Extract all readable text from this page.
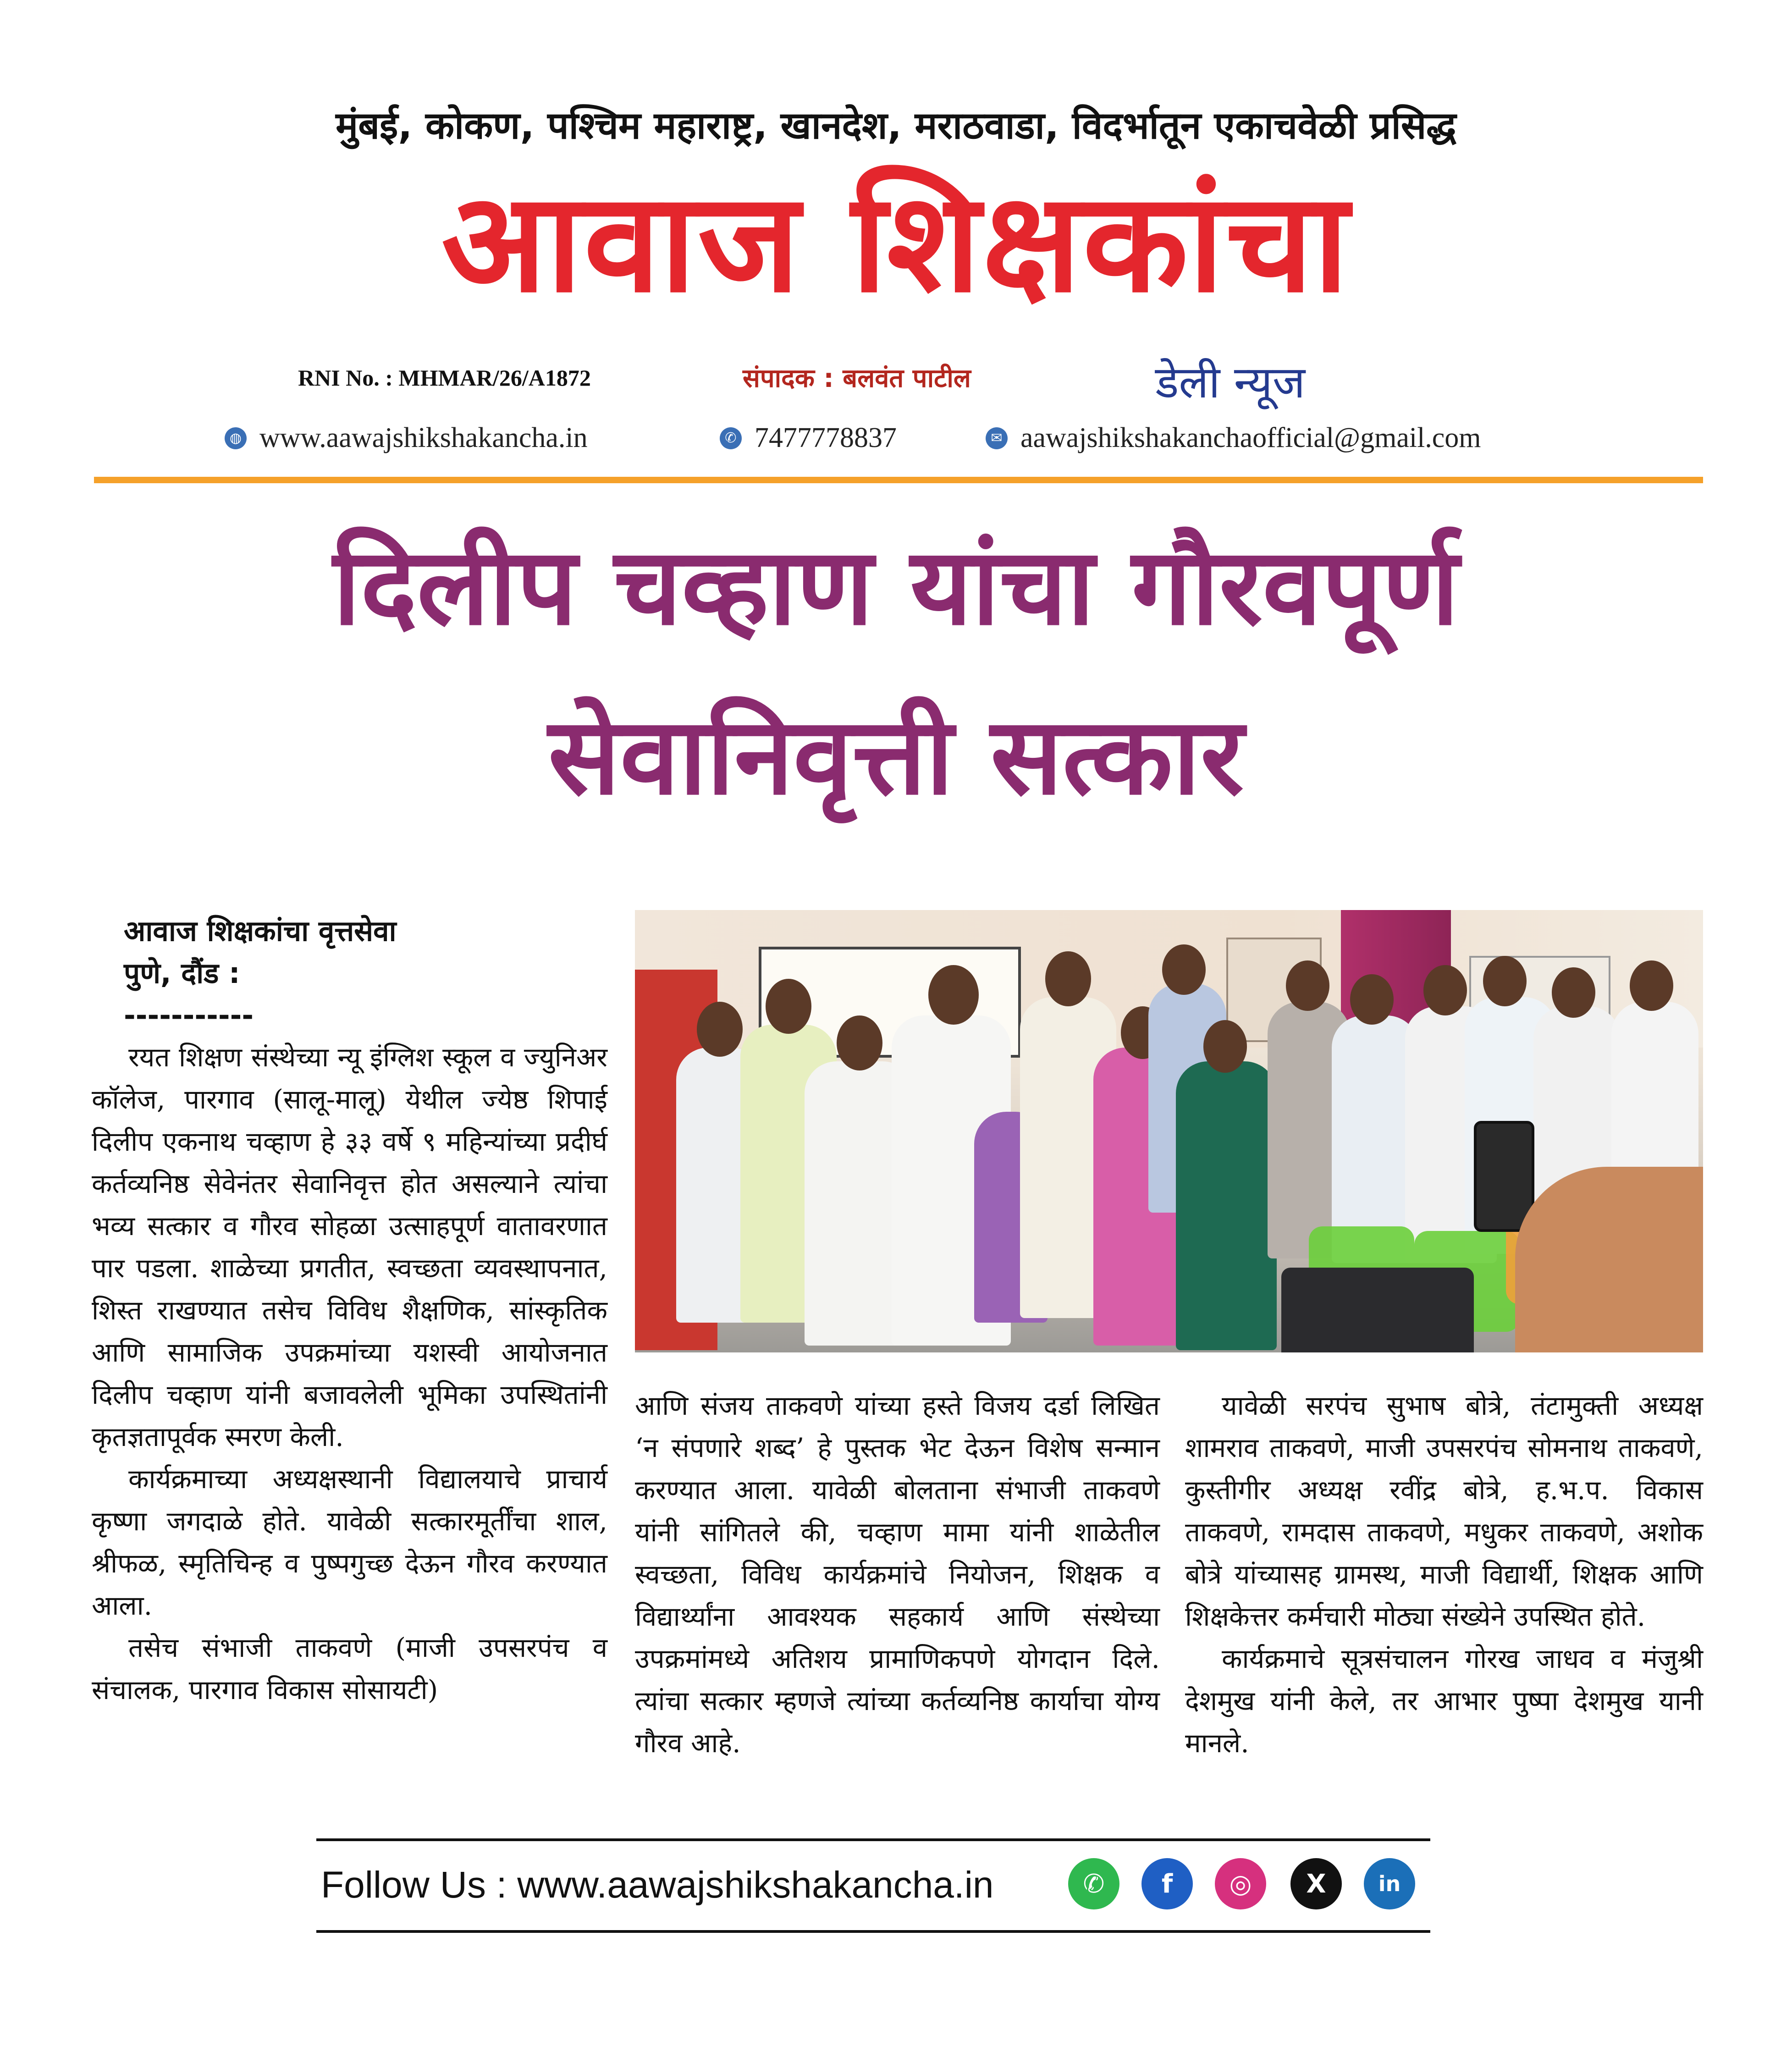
मुंबई, कोकण, पश्चिम महाराष्ट्र, खानदेश, मराठवाडा, विदर्भातून एकाचवेळी प्रसिद्ध
आवाज शिक्षकांचा
RNI No. : MHMAR/26/A1872	संपादक : बलवंत पाटील	डेली न्यूज
◍ www.aawajshikshakancha.in	✆ 7477778837	✉ aawajshikshakanchaofficial@gmail.com
दिलीप चव्हाण यांचा गौरवपूर्ण
सेवानिवृत्ती सत्कार
आवाज शिक्षकांचा वृत्तसेवा
पुणे, दौंड :
-----------

रयत शिक्षण संस्थेच्या न्यू इंग्लिश स्कूल व ज्युनिअर कॉलेज, पारगाव (सालू-मालू) येथील ज्येष्ठ शिपाई दिलीप एकनाथ चव्हाण हे ३३ वर्षे ९ महिन्यांच्या प्रदीर्घ कर्तव्यनिष्ठ सेवेनंतर सेवानिवृत्त होत असल्याने त्यांचा भव्य सत्कार व गौरव सोहळा उत्साहपूर्ण वातावरणात पार पडला. शाळेच्या प्रगतीत, स्वच्छता व्यवस्थापनात, शिस्त राखण्यात तसेच विविध शैक्षणिक, सांस्कृतिक आणि सामाजिक उपक्रमांच्या यशस्वी आयोजनात दिलीप चव्हाण यांनी बजावलेली भूमिका उपस्थितांनी कृतज्ञतापूर्वक स्मरण केली.

कार्यक्रमाच्या अध्यक्षस्थानी विद्यालयाचे प्राचार्य कृष्णा जगदाळे होते. यावेळी सत्कारमूर्तींचा शाल, श्रीफळ, स्मृतिचिन्ह व पुष्पगुच्छ देऊन गौरव करण्यात आला.

तसेच संभाजी ताकवणे (माजी उपसरपंच व संचालक, पारगाव विकास सोसायटी)

आणि संजय ताकवणे यांच्या हस्ते विजय दर्डा लिखित ‘न संपणारे शब्द’ हे पुस्तक भेट देऊन विशेष सन्मान करण्यात आला. यावेळी बोलताना संभाजी ताकवणे यांनी सांगितले की, चव्हाण मामा यांनी शाळेतील स्वच्छता, विविध कार्यक्रमांचे नियोजन, शिक्षक व विद्यार्थ्यांना आवश्यक सहकार्य आणि संस्थेच्या उपक्रमांमध्ये अतिशय प्रामाणिकपणे योगदान दिले. त्यांचा सत्कार म्हणजे त्यांच्या कर्तव्यनिष्ठ कार्याचा योग्य गौरव आहे.

यावेळी सरपंच सुभाष बोत्रे, तंटामुक्ती अध्यक्ष शामराव ताकवणे, माजी उपसरपंच सोमनाथ ताकवणे, कुस्तीगीर अध्यक्ष रवींद्र बोत्रे, ह.भ.प. विकास ताकवणे, रामदास ताकवणे, मधुकर ताकवणे, अशोक बोत्रे यांच्यासह ग्रामस्थ, माजी विद्यार्थी, शिक्षक आणि शिक्षकेत्तर कर्मचारी मोठ्या संख्येने उपस्थित होते.

कार्यक्रमाचे सूत्रसंचालन गोरख जाधव व मंजुश्री देशमुख यांनी केले, तर आभार पुष्पा देशमुख यानी मानले.

Follow Us : www.aawajshikshakancha.in	✆	f	◎	X	in
